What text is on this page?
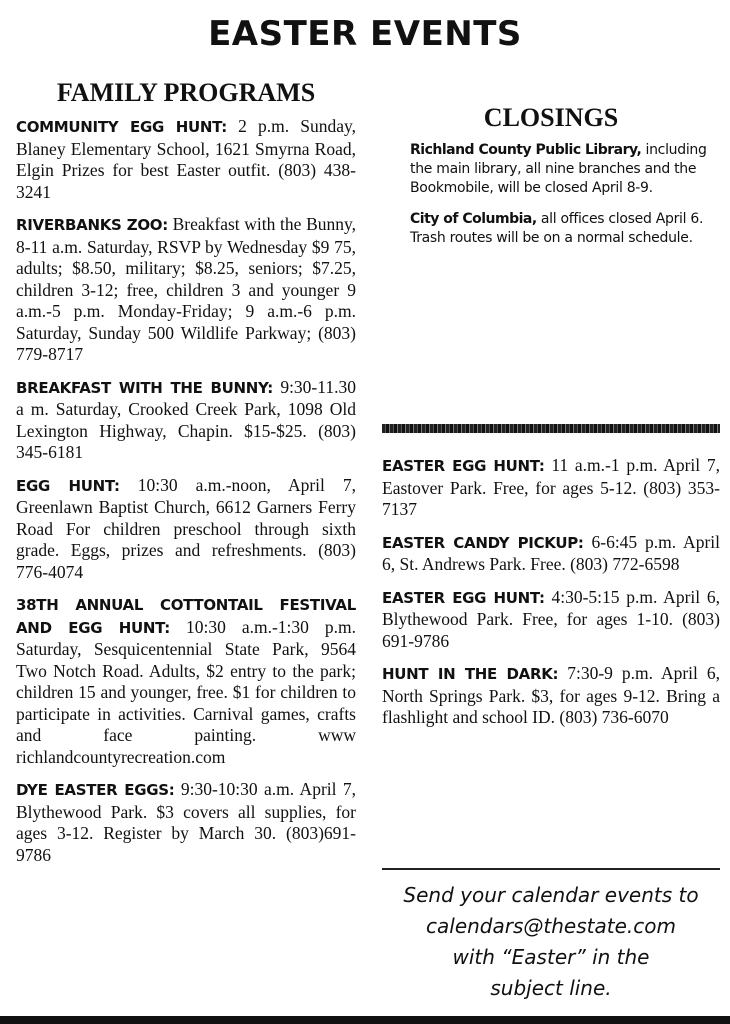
EASTER EVENTS
FAMILY PROGRAMS

COMMUNITY EGG HUNT: 2 p.m. Sunday, Blaney Elementary School, 1621 Smyrna Road, Elgin Prizes for best Easter outfit. (803) 438-3241

RIVERBANKS ZOO: Breakfast with the Bunny, 8-11 a.m. Saturday, RSVP by Wednesday $9 75, adults; $8.50, military; $8.25, seniors; $7.25, children 3-12; free, children 3 and younger 9 a.m.-5 p.m. Monday-Friday; 9 a.m.-6 p.m. Saturday, Sunday 500 Wildlife Parkway; (803) 779-8717

BREAKFAST WITH THE BUNNY: 9:30-11.30 a m. Saturday, Crooked Creek Park, 1098 Old Lexington Highway, Chapin. $15-$25. (803) 345-6181

EGG HUNT: 10:30 a.m.-noon, April 7, Greenlawn Baptist Church, 6612 Garners Ferry Road For children preschool through sixth grade. Eggs, prizes and refreshments. (803) 776-4074

38TH ANNUAL COTTONTAIL FESTIVAL AND EGG HUNT: 10:30 a.m.-1:30 p.m. Saturday, Sesquicentennial State Park, 9564 Two Notch Road. Adults, $2 entry to the park; children 15 and younger, free. $1 for children to participate in activities. Carnival games, crafts and face painting. www richlandcountyrecreation.com

DYE EASTER EGGS: 9:30-10:30 a.m. April 7, Blythewood Park. $3 covers all supplies, for ages 3-12. Register by March 30. (803)691-9786

CLOSINGS

Richland County Public Library, including the main library, all nine branches and the Bookmobile, will be closed April 8-9.

City of Columbia, all offices closed April 6. Trash routes will be on a normal schedule.

EASTER EGG HUNT: 11 a.m.-1 p.m. April 7, Eastover Park. Free, for ages 5-12. (803) 353-7137

EASTER CANDY PICKUP: 6-6:45 p.m. April 6, St. Andrews Park. Free. (803) 772-6598

EASTER EGG HUNT: 4:30-5:15 p.m. April 6, Blythewood Park. Free, for ages 1-10. (803) 691-9786

HUNT IN THE DARK: 7:30-9 p.m. April 6, North Springs Park. $3, for ages 9-12. Bring a flashlight and school ID. (803) 736-6070

Send your calendar events to
calendars@thestate.com
with “Easter” in the
subject line.
